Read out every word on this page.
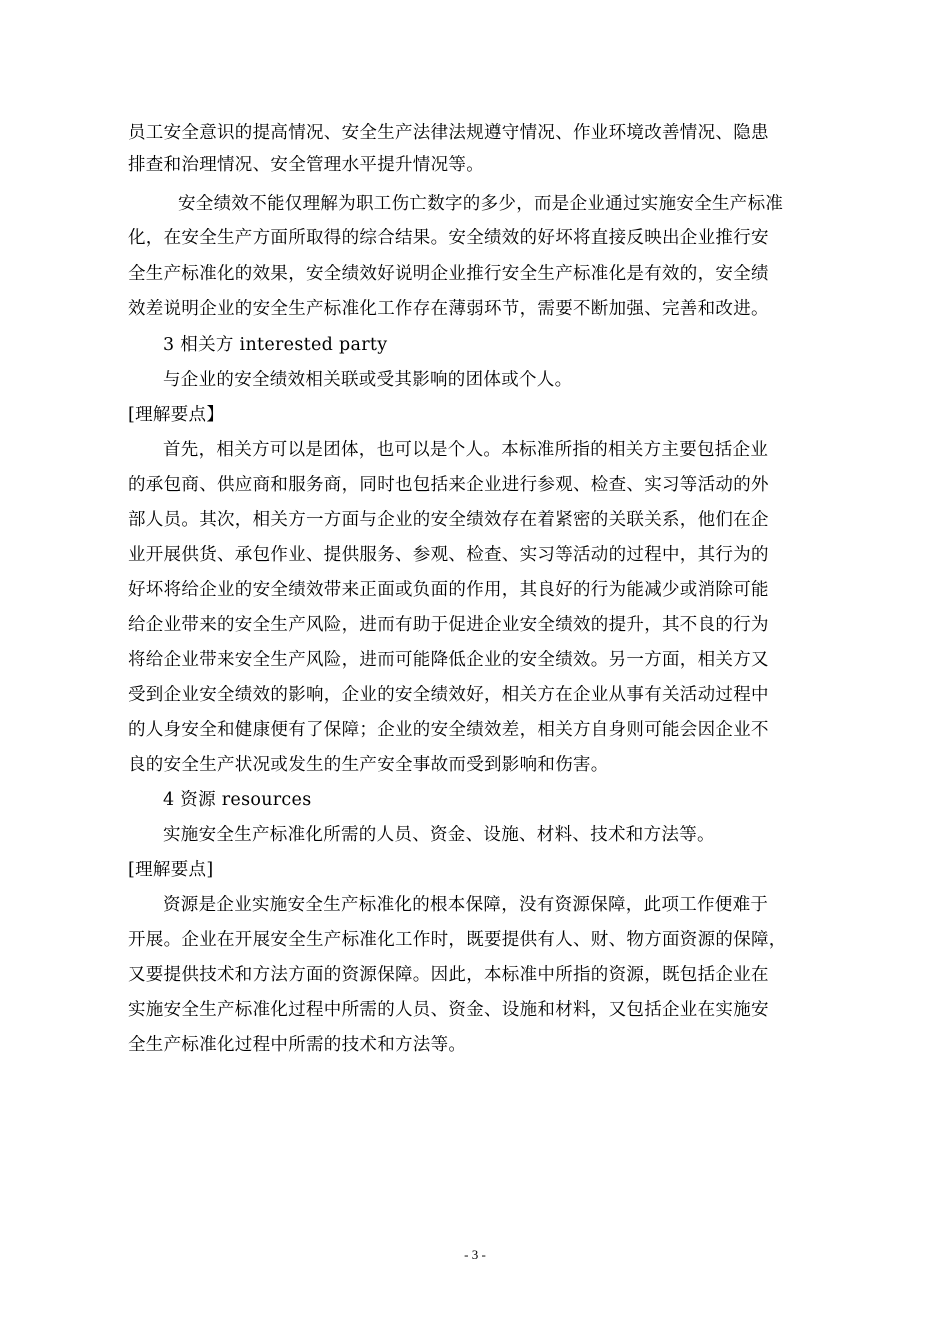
员工安全意识的提高情况、安全生产法律法规遵守情况、作业环境改善情况、隐患
排查和治理情况、安全管理水平提升情况等。
安全绩效不能仅理解为职工伤亡数字的多少，而是企业通过实施安全生产标准
化，在安全生产方面所取得的综合结果。安全绩效的好坏将直接反映出企业推行安
全生产标准化的效果，安全绩效好说明企业推行安全生产标准化是有效的，安全绩
效差说明企业的安全生产标准化工作存在薄弱环节，需要不断加强、完善和改进。
3 相关方 interested party
与企业的安全绩效相关联或受其影响的团体或个人。
[理解要点】
首先，相关方可以是团体，也可以是个人。本标准所指的相关方主要包括企业
的承包商、供应商和服务商，同时也包括来企业进行参观、检查、实习等活动的外
部人员。其次，相关方一方面与企业的安全绩效存在着紧密的关联关系，他们在企
业开展供货、承包作业、提供服务、参观、检查、实习等活动的过程中，其行为的
好坏将给企业的安全绩效带来正面或负面的作用，其良好的行为能减少或消除可能
给企业带来的安全生产风险，进而有助于促进企业安全绩效的提升，其不良的行为
将给企业带来安全生产风险，进而可能降低企业的安全绩效。另一方面，相关方又
受到企业安全绩效的影响，企业的安全绩效好，相关方在企业从事有关活动过程中
的人身安全和健康便有了保障；企业的安全绩效差，相关方自身则可能会因企业不
良的安全生产状况或发生的生产安全事故而受到影响和伤害。
4 资源 resources
实施安全生产标准化所需的人员、资金、设施、材料、技术和方法等。
[理解要点]
资源是企业实施安全生产标准化的根本保障，没有资源保障，此项工作便难于
开展。企业在开展安全生产标准化工作时，既要提供有人、财、物方面资源的保障，
又要提供技术和方法方面的资源保障。因此，本标准中所指的资源，既包括企业在
实施安全生产标准化过程中所需的人员、资金、设施和材料，又包括企业在实施安
全生产标准化过程中所需的技术和方法等。
- 3 -
